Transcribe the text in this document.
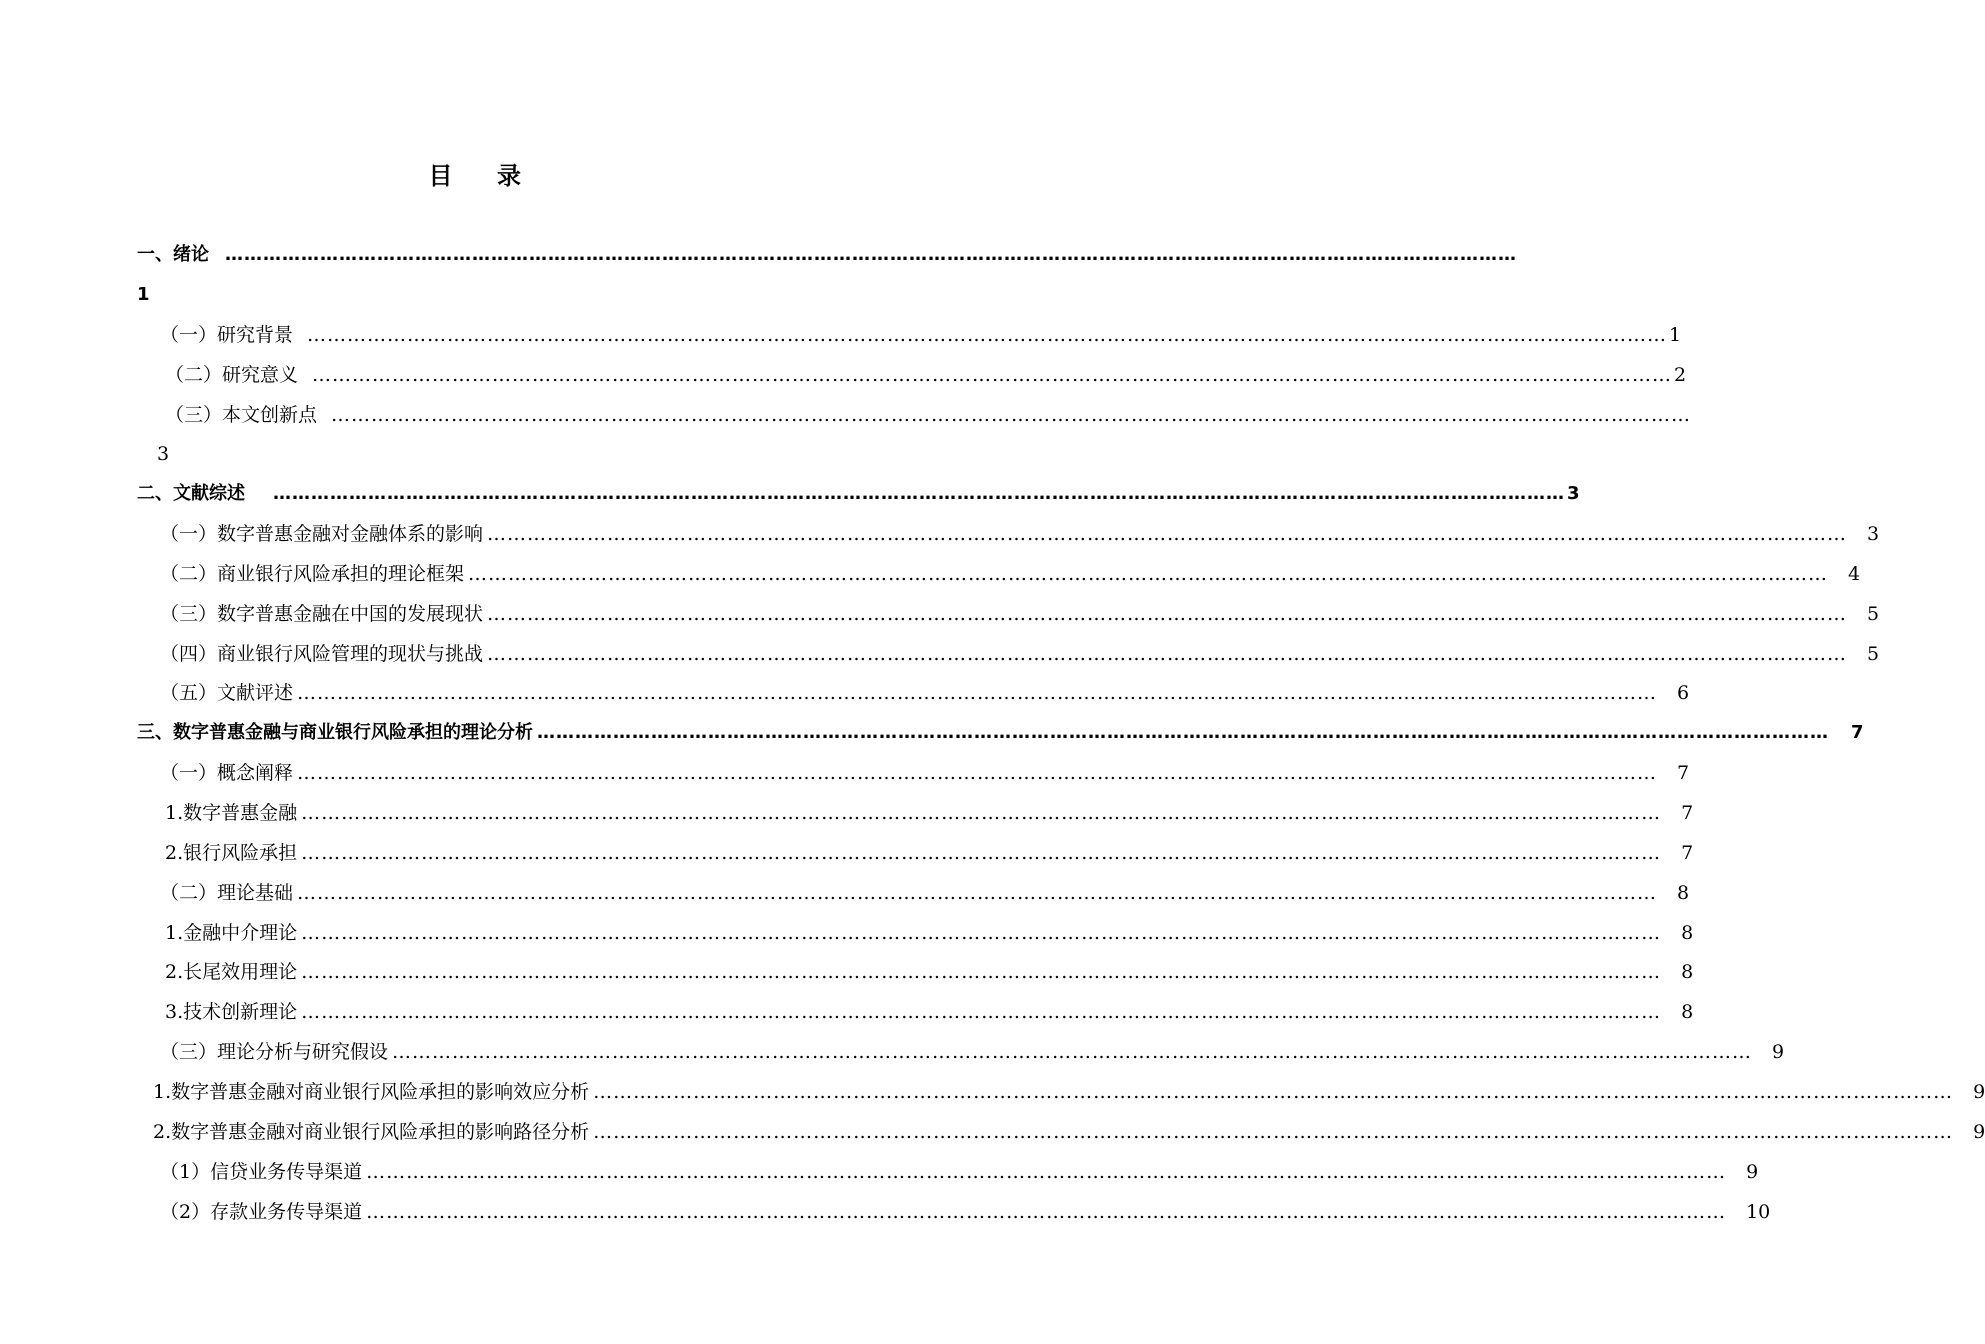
目 录
一、绪论 ……………………………………………………………………………………………………………………………………………………………………………………
1
（一）研究背景 …………………………………………………………………………………………………………………………………………………………………………………… 1
（二）研究意义 …………………………………………………………………………………………………………………………………………………………………………………… 2
（三）本文创新点 ……………………………………………………………………………………………………………………………………………………………………………………
3
二、文献综述 …………………………………………………………………………………………………………………………………………………………………………………… 3
（一）数字普惠金融对金融体系的影响 …………………………………………………………………………………………………………………………………………………………………………………… 3
（二）商业银行风险承担的理论框架 …………………………………………………………………………………………………………………………………………………………………………………… 4
（三）数字普惠金融在中国的发展现状 …………………………………………………………………………………………………………………………………………………………………………………… 5
（四）商业银行风险管理的现状与挑战 …………………………………………………………………………………………………………………………………………………………………………………… 5
（五）文献评述 …………………………………………………………………………………………………………………………………………………………………………………… 6
三、数字普惠金融与商业银行风险承担的理论分析 …………………………………………………………………………………………………………………………………………………………………………………… 7
（一）概念阐释 …………………………………………………………………………………………………………………………………………………………………………………… 7
1.数字普惠金融 …………………………………………………………………………………………………………………………………………………………………………………… 7
2.银行风险承担 …………………………………………………………………………………………………………………………………………………………………………………… 7
（二）理论基础 …………………………………………………………………………………………………………………………………………………………………………………… 8
1.金融中介理论 …………………………………………………………………………………………………………………………………………………………………………………… 8
2.长尾效用理论 …………………………………………………………………………………………………………………………………………………………………………………… 8
3.技术创新理论 …………………………………………………………………………………………………………………………………………………………………………………… 8
（三）理论分析与研究假设 …………………………………………………………………………………………………………………………………………………………………………………… 9
1.数字普惠金融对商业银行风险承担的影响效应分析 …………………………………………………………………………………………………………………………………………………………………………………… 9
2.数字普惠金融对商业银行风险承担的影响路径分析 …………………………………………………………………………………………………………………………………………………………………………………… 9
（1）信贷业务传导渠道 …………………………………………………………………………………………………………………………………………………………………………………… 9
（2）存款业务传导渠道 …………………………………………………………………………………………………………………………………………………………………………………… 10
